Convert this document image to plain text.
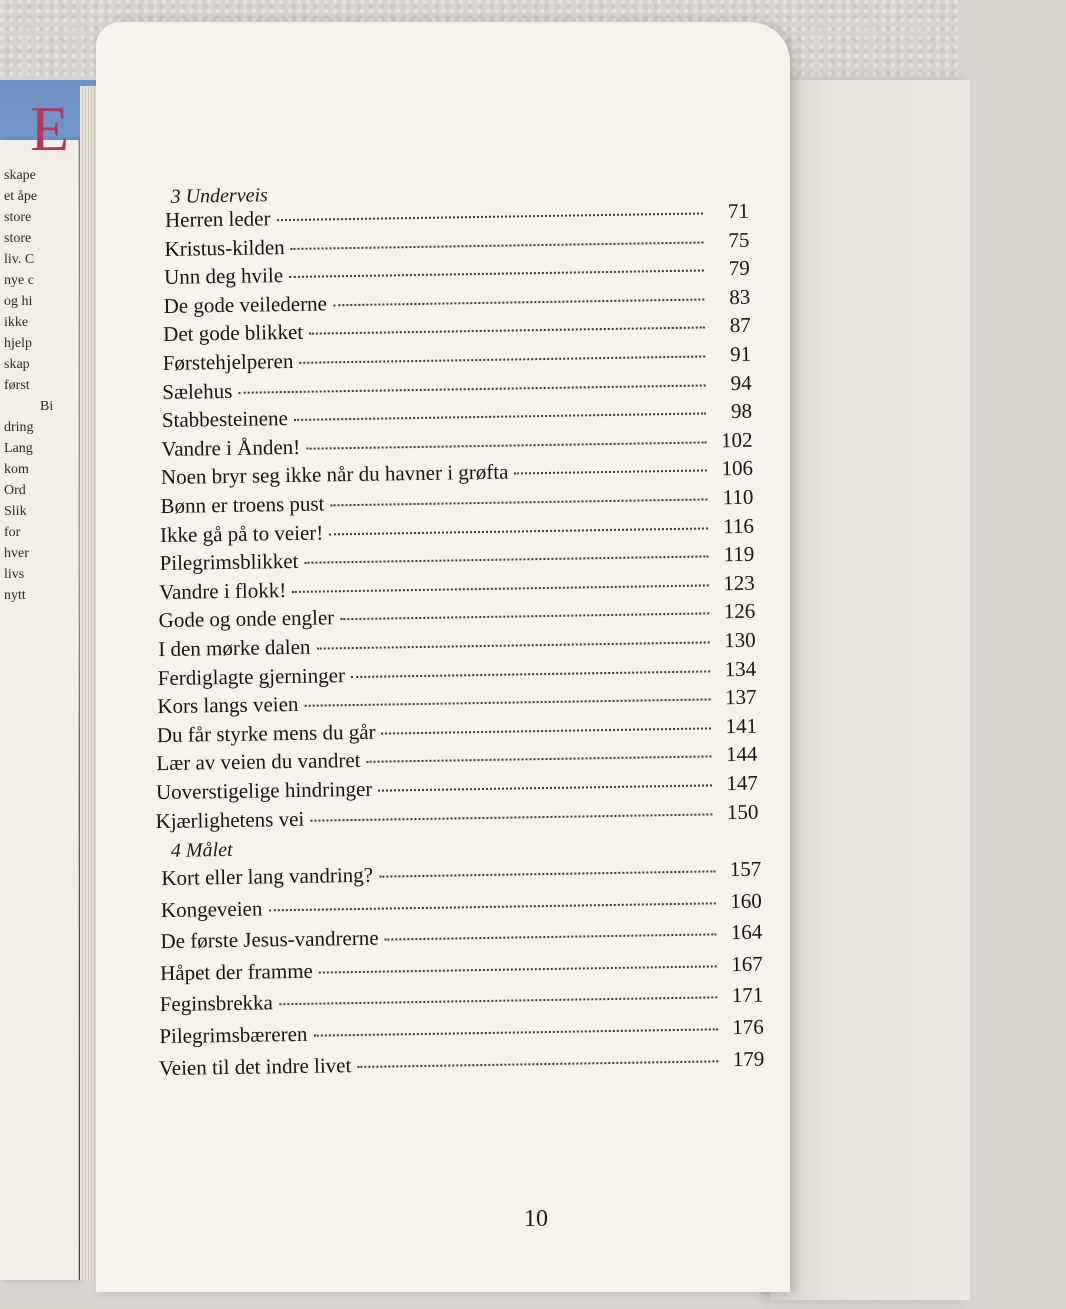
E
skape
et åpe
store
store
liv. C
nye c
og hi
ikke
hjelp
skap
først
Bi
dring
Lang
kom
Ord
Slik
for
hver
livs
nytt
3 Underveis
Herren leder	71
Kristus-kilden	75
Unn deg hvile	79
De gode veilederne	83
Det gode blikket	87
Førstehjelperen	91
Sælehus	94
Stabbesteinene	98
Vandre i Ånden!	102
Noen bryr seg ikke når du havner i grøfta	106
Bønn er troens pust	110
Ikke gå på to veier!	116
Pilegrimsblikket	119
Vandre i flokk!	123
Gode og onde engler	126
I den mørke dalen	130
Ferdiglagte gjerninger	134
Kors langs veien	137
Du får styrke mens du går	141
Lær av veien du vandret	144
Uoverstigelige hindringer	147
Kjærlighetens vei	150
4 Målet
Kort eller lang vandring?	157
Kongeveien	160
De første Jesus-vandrerne	164
Håpet der framme	167
Feginsbrekka	171
Pilegrimsbæreren	176
Veien til det indre livet	179
10
